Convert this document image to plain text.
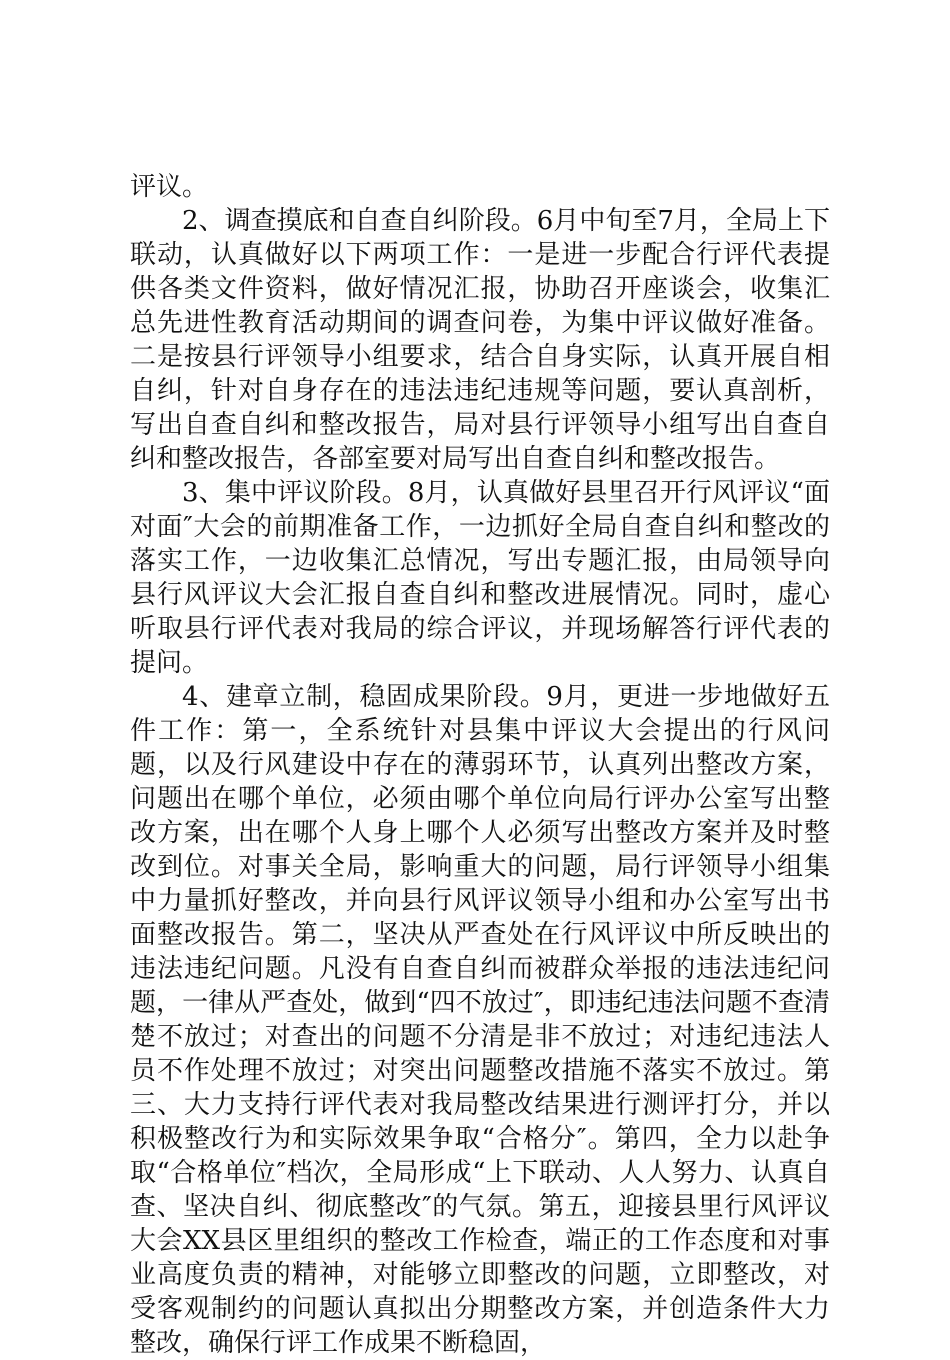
评议。

2、调查摸底和自查自纠阶段。6月中旬至7月，全局上下联动，认真做好以下两项工作：一是进一步配合行评代表提供各类文件资料，做好情况汇报，协助召开座谈会，收集汇总先进性教育活动期间的调查问卷，为集中评议做好准备。二是按县行评领导小组要求，结合自身实际，认真开展自相自纠，针对自身存在的违法违纪违规等问题，要认真剖析，写出自查自纠和整改报告，局对县行评领导小组写出自查自纠和整改报告，各部室要对局写出自查自纠和整改报告。

3、集中评议阶段。8月，认真做好县里召开行风评议“面对面″大会的前期准备工作，一边抓好全局自查自纠和整改的落实工作，一边收集汇总情况，写出专题汇报，由局领导向县行风评议大会汇报自查自纠和整改进展情况。同时，虚心听取县行评代表对我局的综合评议，并现场解答行评代表的提问。

4、建章立制，稳固成果阶段。9月，更进一步地做好五件工作：第一，全系统针对县集中评议大会提出的行风问题，以及行风建设中存在的薄弱环节，认真列出整改方案，问题出在哪个单位，必须由哪个单位向局行评办公室写出整改方案，出在哪个人身上哪个人必须写出整改方案并及时整改到位。对事关全局，影响重大的问题，局行评领导小组集中力量抓好整改，并向县行风评议领导小组和办公室写出书面整改报告。第二，坚决从严查处在行风评议中所反映出的违法违纪问题。凡没有自查自纠而被群众举报的违法违纪问题，一律从严查处，做到“四不放过″，即违纪违法问题不查清楚不放过；对查出的问题不分清是非不放过；对违纪违法人员不作处理不放过；对突出问题整改措施不落实不放过。第三、大力支持行评代表对我局整改结果进行测评打分，并以积极整改行为和实际效果争取“合格分″。第四，全力以赴争取“合格单位″档次，全局形成“上下联动、人人努力、认真自查、坚决自纠、彻底整改″的气氛。第五，迎接县里行风评议大会XX县区里组织的整改工作检查，端正的工作态度和对事业高度负责的精神，对能够立即整改的问题，立即整改，对受客观制约的问题认真拟出分期整改方案，并创造条件大力整改，确保行评工作成果不断稳固，
